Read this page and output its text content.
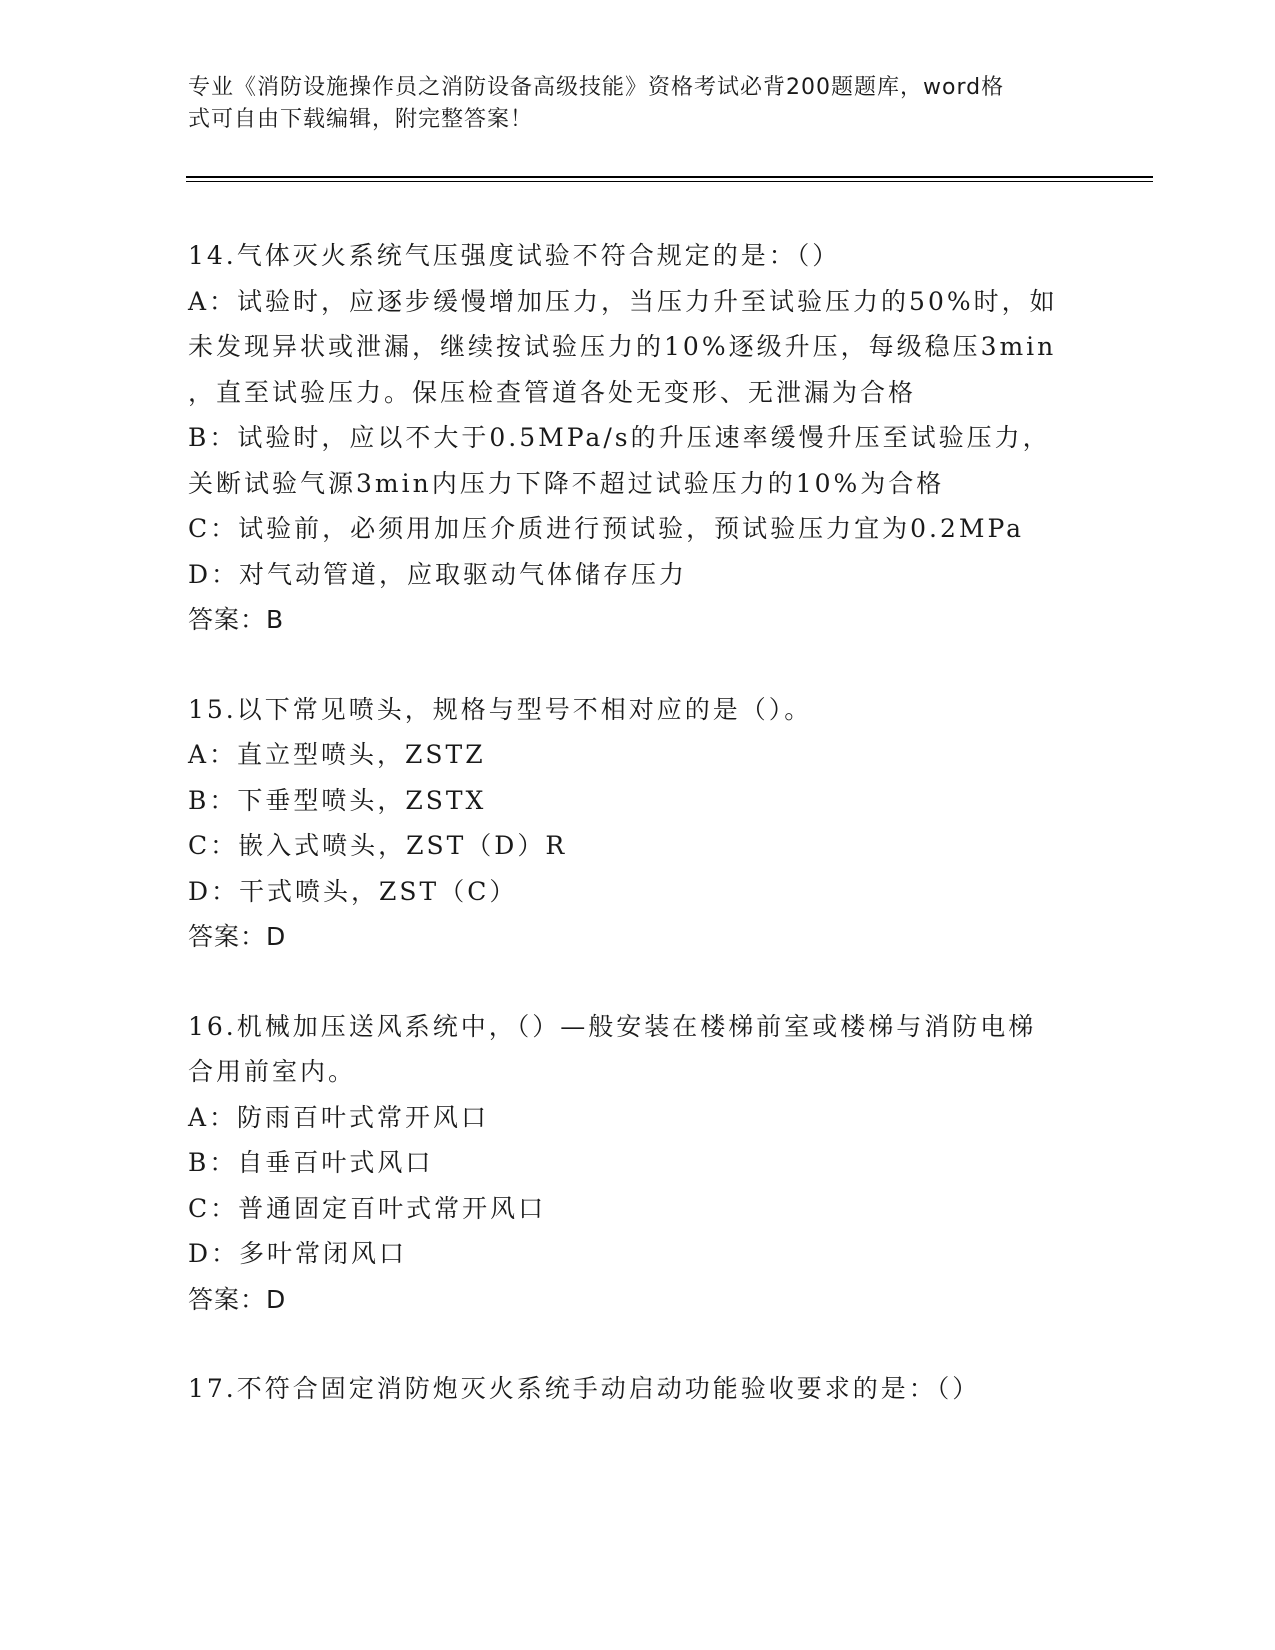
专业《消防设施操作员之消防设备高级技能》资格考试必背200题题库，word格
式可自由下载编辑，附完整答案！
14.气体灭火系统气压强度试验不符合规定的是：（）
A：试验时，应逐步缓慢增加压力，当压力升至试验压力的50%时，如
未发现异状或泄漏，继续按试验压力的10%逐级升压，每级稳压3min
，直至试验压力。保压检查管道各处无变形、无泄漏为合格
B：试验时，应以不大于0.5MPa/s的升压速率缓慢升压至试验压力，
关断试验气源3min内压力下降不超过试验压力的10%为合格
C：试验前，必须用加压介质进行预试验，预试验压力宜为0.2MPa
D：对气动管道，应取驱动气体储存压力
答案：B
15.以下常见喷头，规格与型号不相对应的是（）。
A：直立型喷头，ZSTZ
B：下垂型喷头，ZSTX
C：嵌入式喷头，ZST（D）R
D：干式喷头，ZST（C）
答案：D
16.机械加压送风系统中，（）—般安装在楼梯前室或楼梯与消防电梯
合用前室内。
A：防雨百叶式常开风口
B：自垂百叶式风口
C：普通固定百叶式常开风口
D：多叶常闭风口
答案：D
17.不符合固定消防炮灭火系统手动启动功能验收要求的是：（）
